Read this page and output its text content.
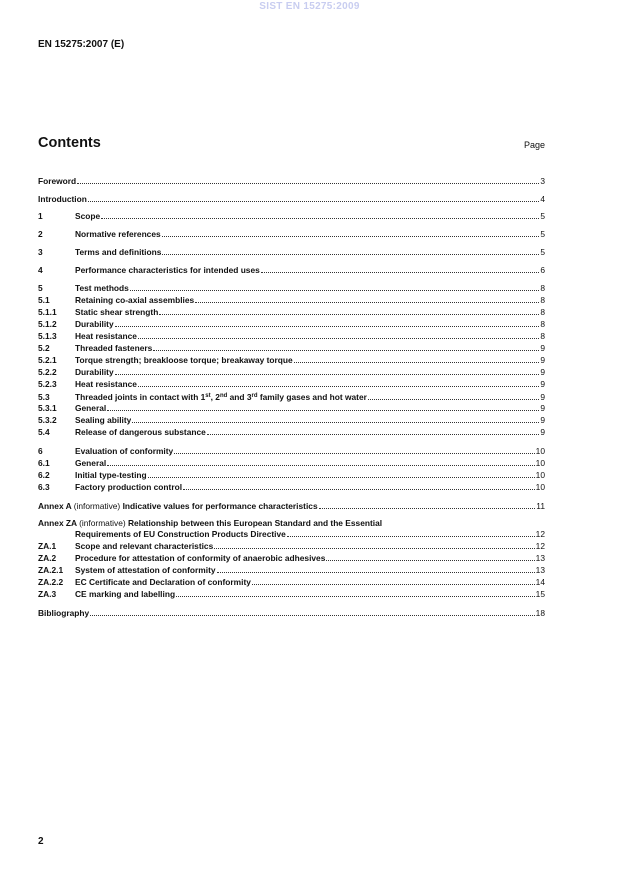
SIST EN 15275:2009
EN 15275:2007 (E)
Contents	Page
Foreword	3
Introduction	4
1	Scope	5
2	Normative references	5
3	Terms and definitions	5
4	Performance characteristics for intended uses	6
5	Test methods	8
5.1	Retaining co-axial assemblies	8
5.1.1	Static shear strength	8
5.1.2	Durability	8
5.1.3	Heat resistance	8
5.2	Threaded fasteners	9
5.2.1	Torque strength; breakloose torque; breakaway torque	9
5.2.2	Durability	9
5.2.3	Heat resistance	9
5.3	Threaded joints in contact with 1st, 2nd and 3rd family gases and hot water	9
5.3.1	General	9
5.3.2	Sealing ability	9
5.4	Release of dangerous substance	9
6	Evaluation of conformity	10
6.1	General	10
6.2	Initial type-testing	10
6.3	Factory production control	10
Annex A (informative) Indicative values for performance characteristics	11
Annex ZA (informative) Relationship between this European Standard and the Essential
Requirements of EU Construction Products Directive	12
ZA.1	Scope and relevant characteristics	12
ZA.2	Procedure for attestation of conformity of anaerobic adhesives	13
ZA.2.1	System of attestation of conformity	13
ZA.2.2	EC Certificate and Declaration of conformity	14
ZA.3	CE marking and labelling	15
Bibliography	18
2
